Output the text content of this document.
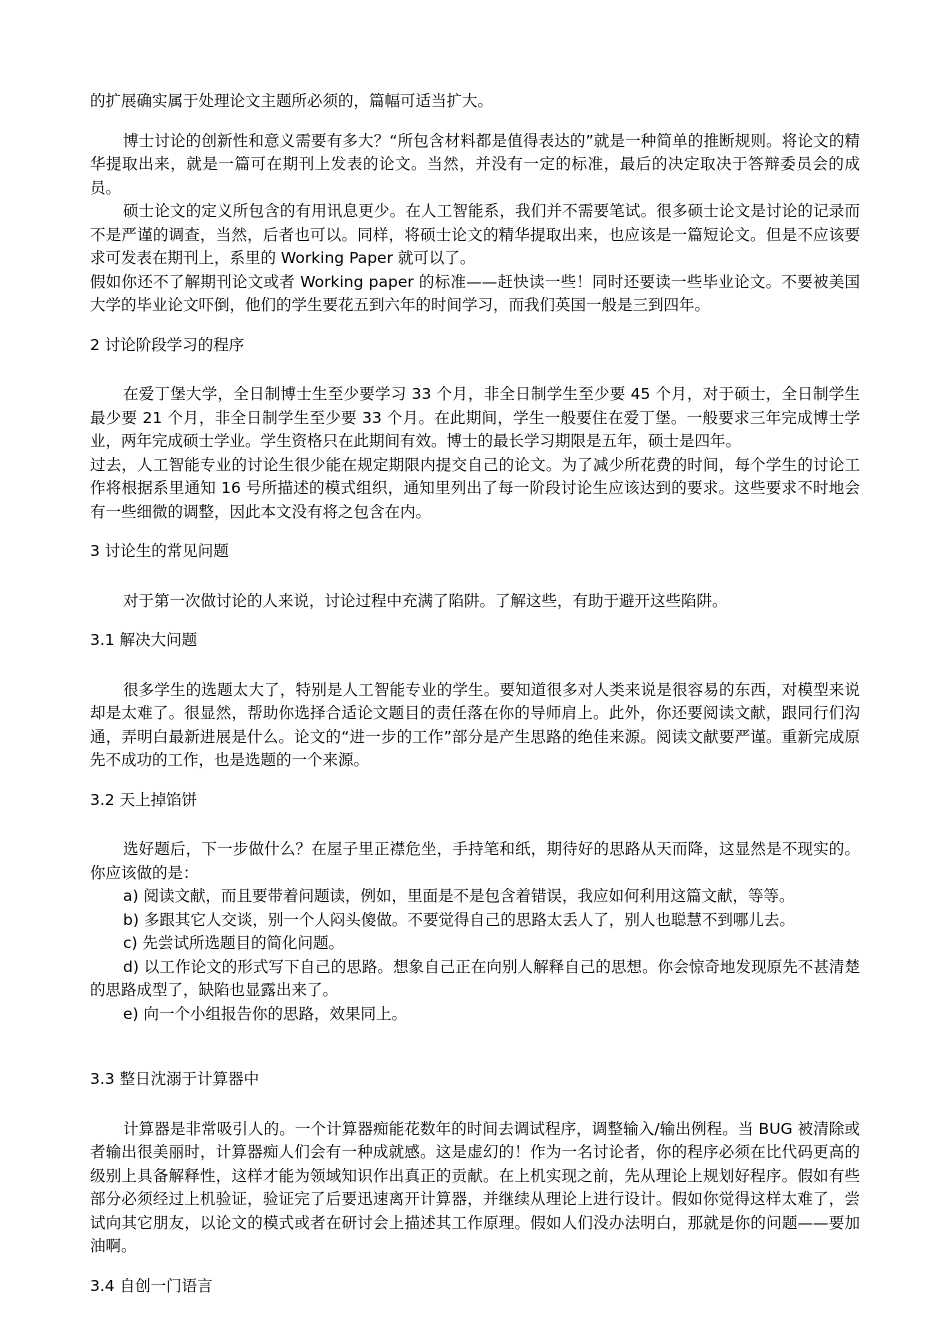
的扩展确实属于处理论文主题所必须的，篇幅可适当扩大。

博士讨论的创新性和意义需要有多大？“所包含材料都是值得表达的”就是一种简单的推断规则。将论文的精华提取出来，就是一篇可在期刊上发表的论文。当然，并没有一定的标准，最后的决定取决于答辩委员会的成员。

硕士论文的定义所包含的有用讯息更少。在人工智能系，我们并不需要笔试。很多硕士论文是讨论的记录而不是严谨的调查，当然，后者也可以。同样，将硕士论文的精华提取出来，也应该是一篇短论文。但是不应该要求可发表在期刊上，系里的 Working Paper 就可以了。

假如你还不了解期刊论文或者 Working paper 的标准——赶快读一些！同时还要读一些毕业论文。不要被美国大学的毕业论文吓倒，他们的学生要花五到六年的时间学习，而我们英国一般是三到四年。

2 讨论阶段学习的程序

在爱丁堡大学，全日制博士生至少要学习 33 个月，非全日制学生至少要 45 个月，对于硕士，全日制学生最少要 21 个月，非全日制学生至少要 33 个月。在此期间，学生一般要住在爱丁堡。一般要求三年完成博士学业，两年完成硕士学业。学生资格只在此期间有效。博士的最长学习期限是五年，硕士是四年。

过去，人工智能专业的讨论生很少能在规定期限内提交自己的论文。为了减少所花费的时间，每个学生的讨论工作将根据系里通知 16 号所描述的模式组织，通知里列出了每一阶段讨论生应该达到的要求。这些要求不时地会有一些细微的调整，因此本文没有将之包含在内。

3 讨论生的常见问题

对于第一次做讨论的人来说，讨论过程中充满了陷阱。了解这些，有助于避开这些陷阱。

3.1 解决大问题

很多学生的选题太大了，特别是人工智能专业的学生。要知道很多对人类来说是很容易的东西，对模型来说却是太难了。很显然，帮助你选择合适论文题目的责任落在你的导师肩上。此外，你还要阅读文献，跟同行们沟通，弄明白最新进展是什么。论文的“进一步的工作”部分是产生思路的绝佳来源。阅读文献要严谨。重新完成原先不成功的工作，也是选题的一个来源。

3.2 天上掉馅饼

选好题后，下一步做什么？在屋子里正襟危坐，手持笔和纸，期待好的思路从天而降，这显然是不现实的。你应该做的是：

a) 阅读文献，而且要带着问题读，例如，里面是不是包含着错误，我应如何利用这篇文献，等等。

b) 多跟其它人交谈，别一个人闷头傻做。不要觉得自己的思路太丢人了，别人也聪慧不到哪儿去。

c) 先尝试所选题目的简化问题。

d) 以工作论文的形式写下自己的思路。想象自己正在向别人解释自己的思想。你会惊奇地发现原先不甚清楚的思路成型了，缺陷也显露出来了。

e) 向一个小组报告你的思路，效果同上。

3.3 整日沈溺于计算器中

计算器是非常吸引人的。一个计算器痴能花数年的时间去调试程序，调整输入/输出例程。当 BUG 被清除或者输出很美丽时，计算器痴人们会有一种成就感。这是虚幻的！作为一名讨论者，你的程序必须在比代码更高的级别上具备解释性，这样才能为领域知识作出真正的贡献。在上机实现之前，先从理论上规划好程序。假如有些部分必须经过上机验证，验证完了后要迅速离开计算器，并继续从理论上进行设计。假如你觉得这样太难了，尝试向其它朋友，以论文的模式或者在研讨会上描述其工作原理。假如人们没办法明白，那就是你的问题——要加油啊。

3.4 自创一门语言
